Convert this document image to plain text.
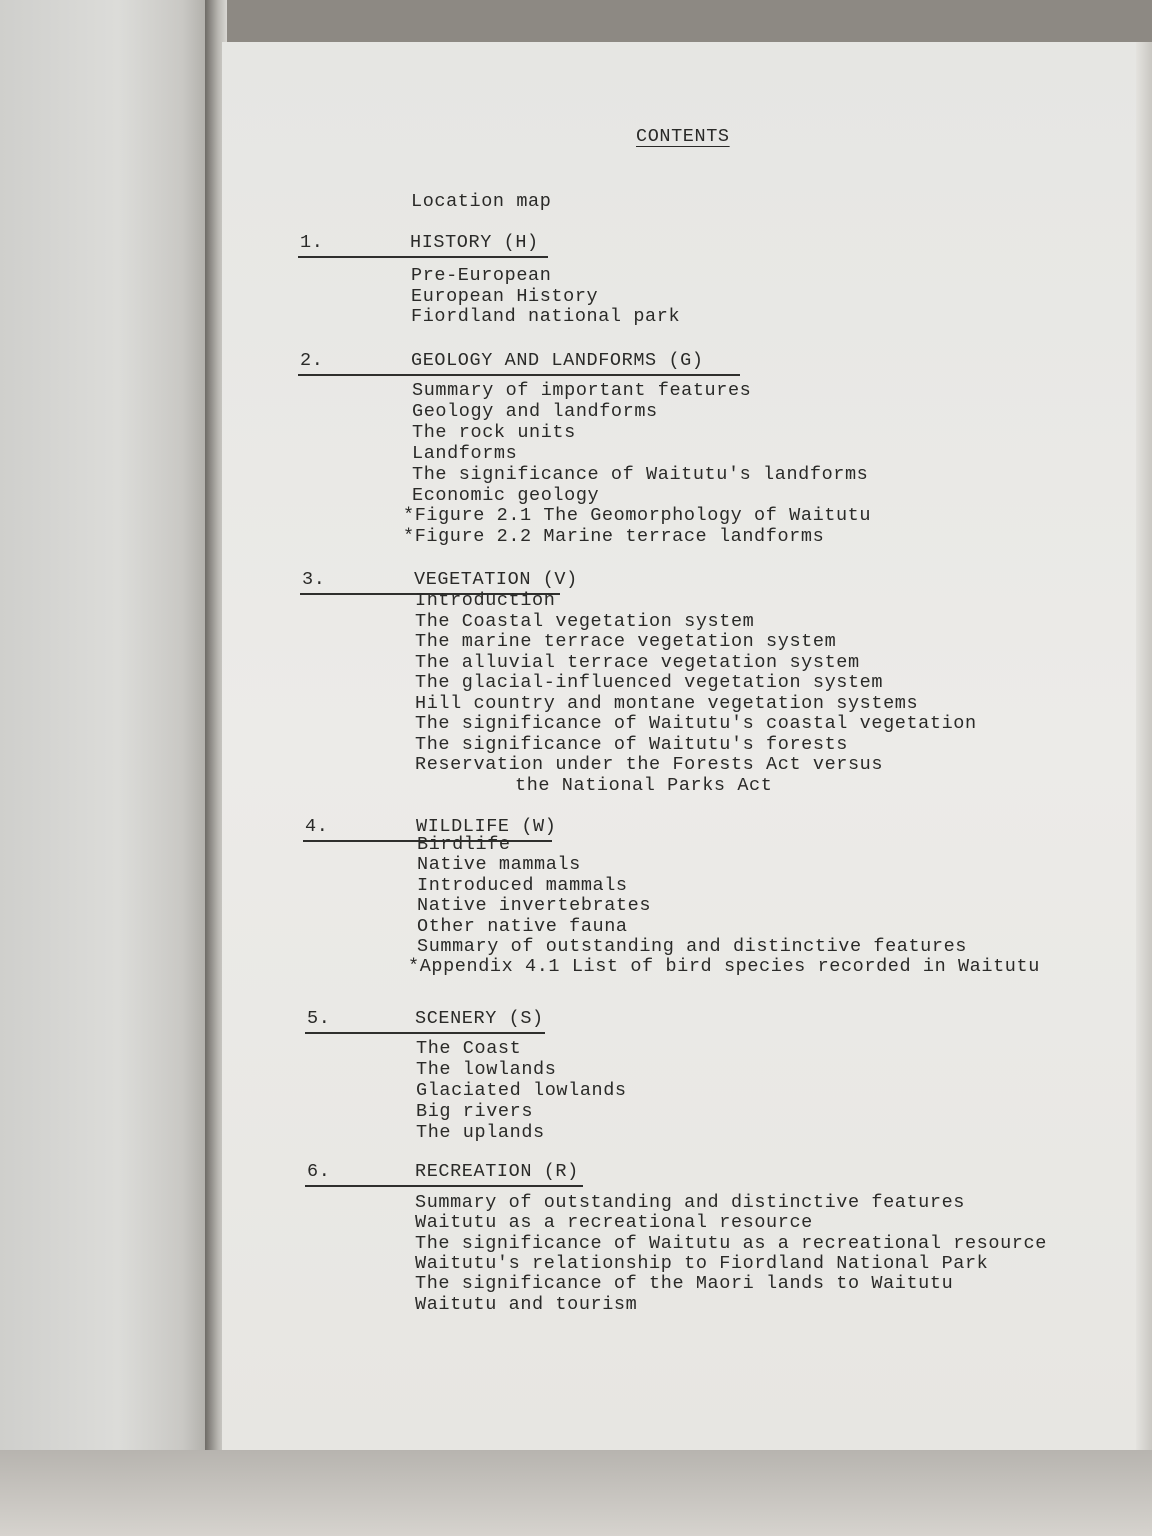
CONTENTS
Location map
1.	HISTORY (H)
Pre-European
European History
Fiordland national park
2.	GEOLOGY AND LANDFORMS (G)
Summary of important features
Geology and landforms
The rock units
Landforms
The significance of Waitutu's landforms
Economic geology
*Figure 2.1 The Geomorphology of Waitutu
*Figure 2.2 Marine terrace landforms
3.	VEGETATION (V)
Introduction
The Coastal vegetation system
The marine terrace vegetation system
The alluvial terrace vegetation system
The glacial-influenced vegetation system
Hill country and montane vegetation systems
The significance of Waitutu's coastal vegetation
The significance of Waitutu's forests
Reservation under the Forests Act versus
the National Parks Act
4.	WILDLIFE (W)
Birdlife
Native mammals
Introduced mammals
Native invertebrates
Other native fauna
Summary of outstanding and distinctive features
*Appendix 4.1 List of bird species recorded in Waitutu
5.	SCENERY (S)
The Coast
The lowlands
Glaciated lowlands
Big rivers
The uplands
6.	RECREATION (R)
Summary of outstanding and distinctive features
Waitutu as a recreational resource
The significance of Waitutu as a recreational resource
Waitutu's relationship to Fiordland National Park
The significance of the Maori lands to Waitutu
Waitutu and tourism
